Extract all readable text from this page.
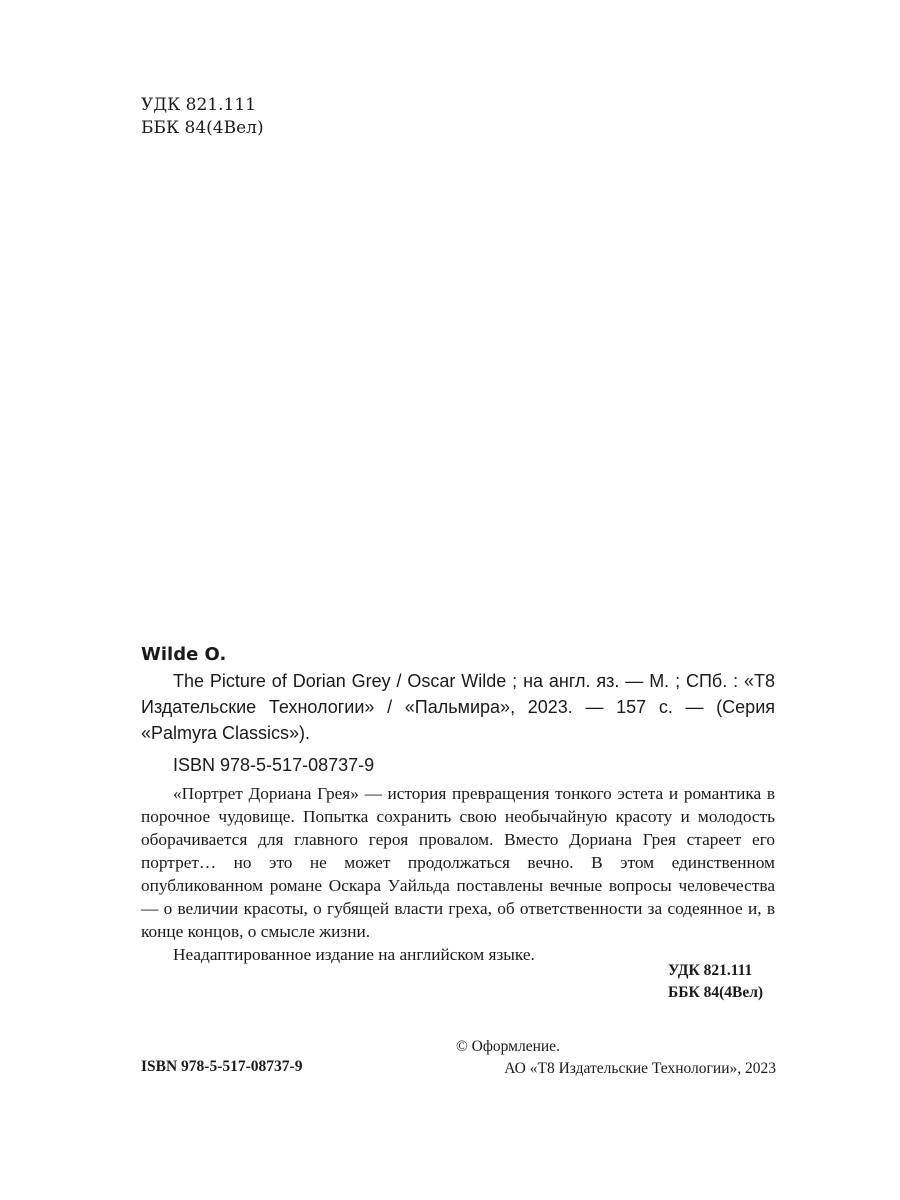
УДК 821.111
ББК 84(4Вел)
Wilde O.

The Picture of Dorian Grey / Oscar Wilde ; на англ. яз. — М. ; СПб. : «Т8 Издательские Технологии» / «Пальмира», 2023. — 157 с. — (Серия «Palmyra Classics»).

ISBN 978-5-517-08737-9

«Портрет Дориана Грея» — история превращения тонкого эстета и романтика в порочное чудовище. Попытка сохранить свою необычайную красоту и молодость оборачивается для главного героя провалом. Вместо Дориана Грея стареет его портрет… но это не может продолжаться вечно. В этом единственном опубликованном романе Оскара Уайльда поставлены вечные вопросы человечества — о величии красоты, о губящей власти греха, об ответственности за содеянное и, в конце концов, о смысле жизни.

Неадаптированное издание на английском языке.

УДК 821.111
ББК 84(4Вел)
ISBN 978-5-517-08737-9
© Оформление.
АО «Т8 Издательские Технологии», 2023
